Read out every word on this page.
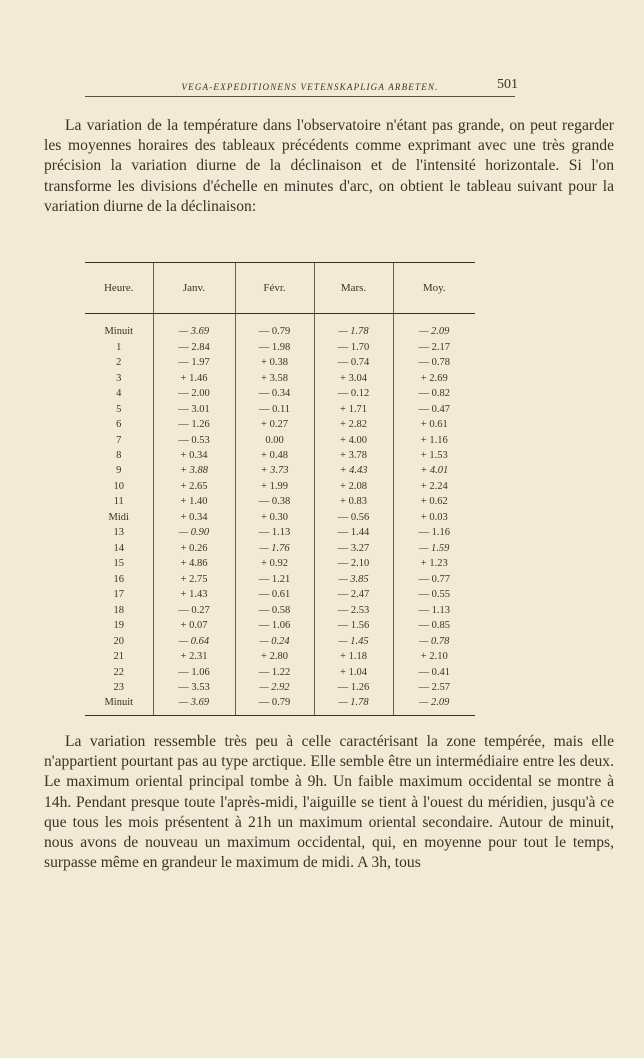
VEGA-EXPEDITIONENS VETENSKAPLIGA ARBETEN.	501

La variation de la température dans l'observatoire n'étant pas grande, on peut regarder les moyennes horaires des tableaux précédents comme exprimant avec une très grande précision la variation diurne de la déclinaison et de l'intensité horizontale. Si l'on transforme les divisions d'échelle en minutes d'arc, on obtient le tableau suivant pour la variation diurne de la déclinaison:

Heure.	Janv.	Févr.	Mars.	Moy.
Minuit	— 3.69	— 0.79	— 1.78	— 2.09
1	— 2.84	— 1.98	— 1.70	— 2.17
2	— 1.97	+ 0.38	— 0.74	— 0.78
3	+ 1.46	+ 3.58	+ 3.04	+ 2.69
4	— 2.00	— 0.34	— 0.12	— 0.82
5	— 3.01	— 0.11	+ 1.71	— 0.47
6	— 1.26	+ 0.27	+ 2.82	+ 0.61
7	— 0.53	0.00	+ 4.00	+ 1.16
8	+ 0.34	+ 0.48	+ 3.78	+ 1.53
9	+ 3.88	+ 3.73	+ 4.43	+ 4.01
10	+ 2.65	+ 1.99	+ 2.08	+ 2.24
11	+ 1.40	— 0.38	+ 0.83	+ 0.62
Midi	+ 0.34	+ 0.30	— 0.56	+ 0.03
13	— 0.90	— 1.13	— 1.44	— 1.16
14	+ 0.26	— 1.76	— 3.27	— 1.59
15	+ 4.86	+ 0.92	— 2.10	+ 1.23
16	+ 2.75	— 1.21	— 3.85	— 0.77
17	+ 1.43	— 0.61	— 2.47	— 0.55
18	— 0.27	— 0.58	— 2.53	— 1.13
19	+ 0.07	— 1.06	— 1.56	— 0.85
20	— 0.64	— 0.24	— 1.45	— 0.78
21	+ 2.31	+ 2.80	+ 1.18	+ 2.10
22	— 1.06	— 1.22	+ 1.04	— 0.41
23	— 3.53	— 2.92	— 1.26	— 2.57
Minuit	— 3.69	— 0.79	— 1.78	— 2.09

La variation ressemble très peu à celle caractérisant la zone tempérée, mais elle n'appartient pourtant pas au type arctique. Elle semble être un intermédiaire entre les deux. Le maximum oriental principal tombe à 9h. Un faible maximum occidental se montre à 14h. Pendant presque toute l'après-midi, l'aiguille se tient à l'ouest du méridien, jusqu'à ce que tous les mois présentent à 21h un maximum oriental secondaire. Autour de minuit, nous avons de nouveau un maximum occidental, qui, en moyenne pour tout le temps, surpasse même en grandeur le maximum de midi. A 3h, tous
